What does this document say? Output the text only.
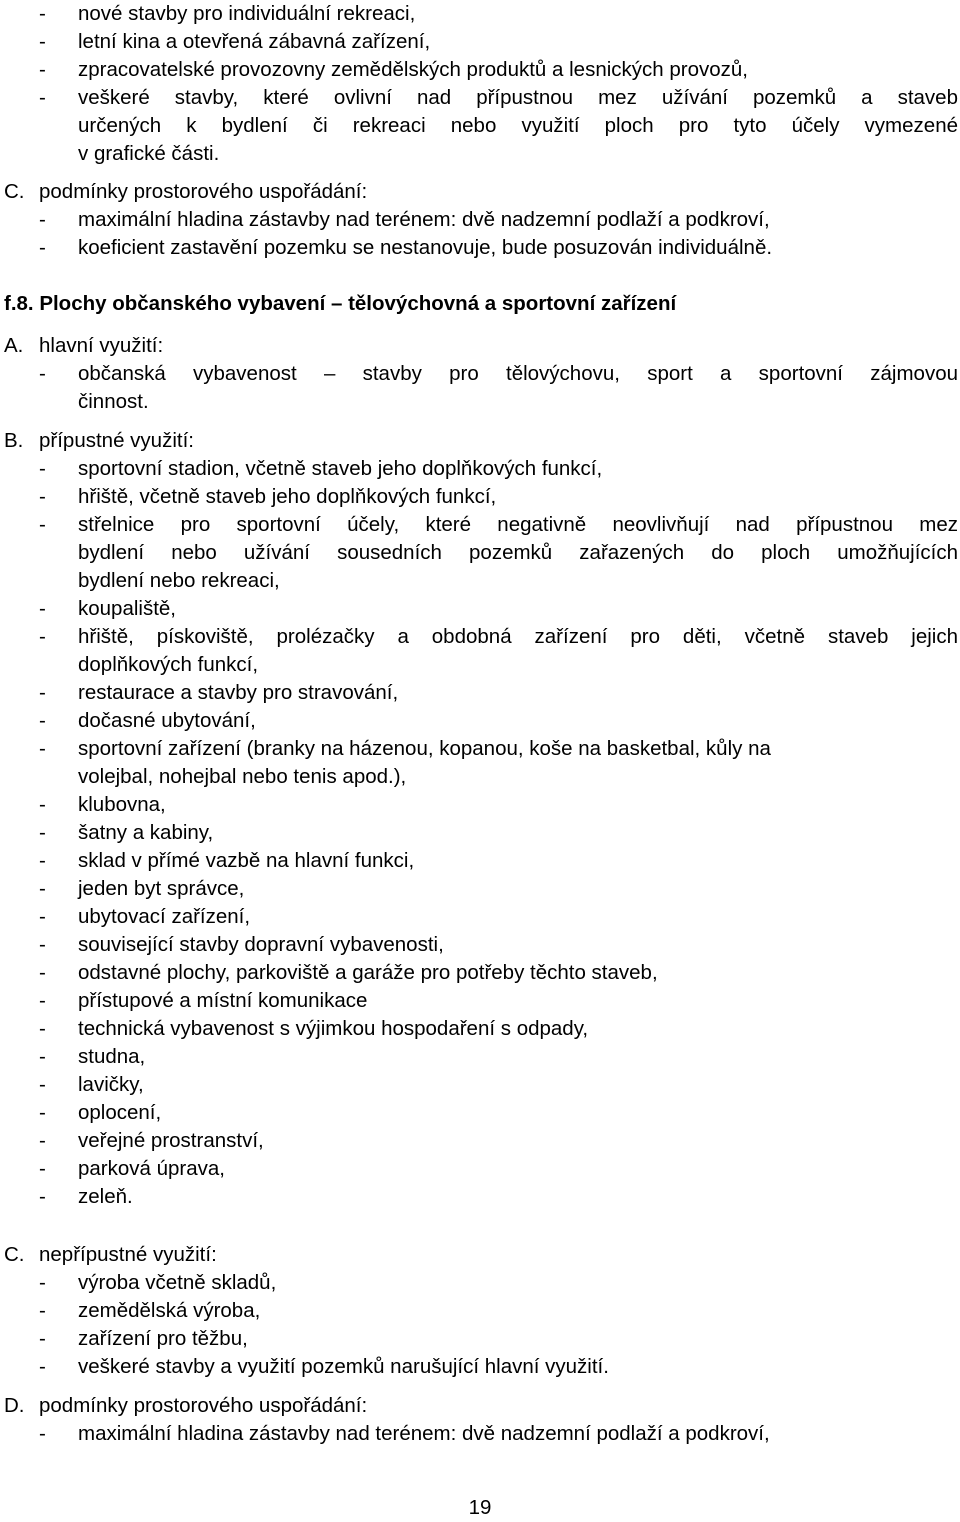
- nové stavby pro individuální rekreaci,
- letní kina a otevřená zábavná zařízení,
- zpracovatelské provozovny zemědělských produktů a lesnických provozů,
- veškeré stavby, které ovlivní nad přípustnou mez užívání pozemků a staveb
určených k bydlení či rekreaci nebo využití ploch pro tyto účely vymezené
v grafické části.
C. podmínky prostorového uspořádání:
- maximální hladina zástavby nad terénem: dvě nadzemní podlaží a podkroví,
- koeficient zastavění pozemku se nestanovuje, bude posuzován individuálně.
f.8. Plochy občanského vybavení – tělovýchovná a sportovní zařízení
A. hlavní využití:
- občanská vybavenost – stavby pro tělovýchovu, sport a sportovní zájmovou
činnost.
B. přípustné využití:
- sportovní stadion, včetně staveb jeho doplňkových funkcí,
- hřiště, včetně staveb jeho doplňkových funkcí,
- střelnice pro sportovní účely, které negativně neovlivňují nad přípustnou mez
bydlení nebo užívání sousedních pozemků zařazených do ploch umožňujících
bydlení nebo rekreaci,
- koupaliště,
- hřiště, pískoviště, prolézačky a obdobná zařízení pro děti, včetně staveb jejich
doplňkových funkcí,
- restaurace a stavby pro stravování,
- dočasné ubytování,
- sportovní zařízení (branky na házenou, kopanou, koše na basketbal, kůly na
volejbal, nohejbal nebo tenis apod.),
- klubovna,
- šatny a kabiny,
- sklad v přímé vazbě na hlavní funkci,
- jeden byt správce,
- ubytovací zařízení,
- související stavby dopravní vybavenosti,
- odstavné plochy, parkoviště a garáže pro potřeby těchto staveb,
- přístupové a místní komunikace
- technická vybavenost s výjimkou hospodaření s odpady,
- studna,
- lavičky,
- oplocení,
- veřejné prostranství,
- parková úprava,
- zeleň.
C. nepřípustné využití:
- výroba včetně skladů,
- zemědělská výroba,
- zařízení pro těžbu,
- veškeré stavby a využití pozemků narušující hlavní využití.
D. podmínky prostorového uspořádání:
- maximální hladina zástavby nad terénem: dvě nadzemní podlaží a podkroví,
19
